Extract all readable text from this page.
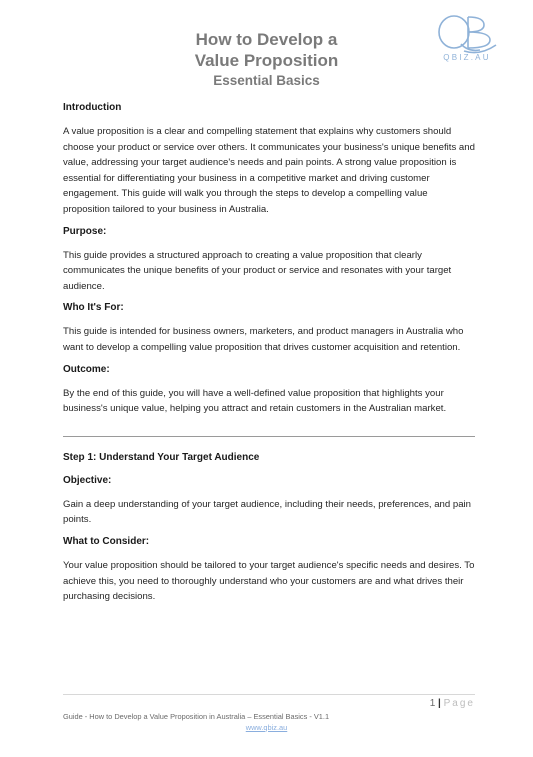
How to Develop a
Value Proposition
Essential Basics
QBIZ.AU
Introduction
A value proposition is a clear and compelling statement that explains why customers should choose your product or service over others. It communicates your business's unique benefits and value, addressing your target audience's needs and pain points. A strong value proposition is essential for differentiating your business in a competitive market and driving customer engagement. This guide will walk you through the steps to develop a compelling value proposition tailored to your business in Australia.
Purpose:
This guide provides a structured approach to creating a value proposition that clearly communicates the unique benefits of your product or service and resonates with your target audience.
Who It's For:
This guide is intended for business owners, marketers, and product managers in Australia who want to develop a compelling value proposition that drives customer acquisition and retention.
Outcome:
By the end of this guide, you will have a well-defined value proposition that highlights your business's unique value, helping you attract and retain customers in the Australian market.
Step 1: Understand Your Target Audience
Objective:
Gain a deep understanding of your target audience, including their needs, preferences, and pain points.
What to Consider:
Your value proposition should be tailored to your target audience's specific needs and desires. To achieve this, you need to thoroughly understand who your customers are and what drives their purchasing decisions.
1 | Page
Guide - How to Develop a Value Proposition in Australia – Essential Basics - V1.1
www.qbiz.au
